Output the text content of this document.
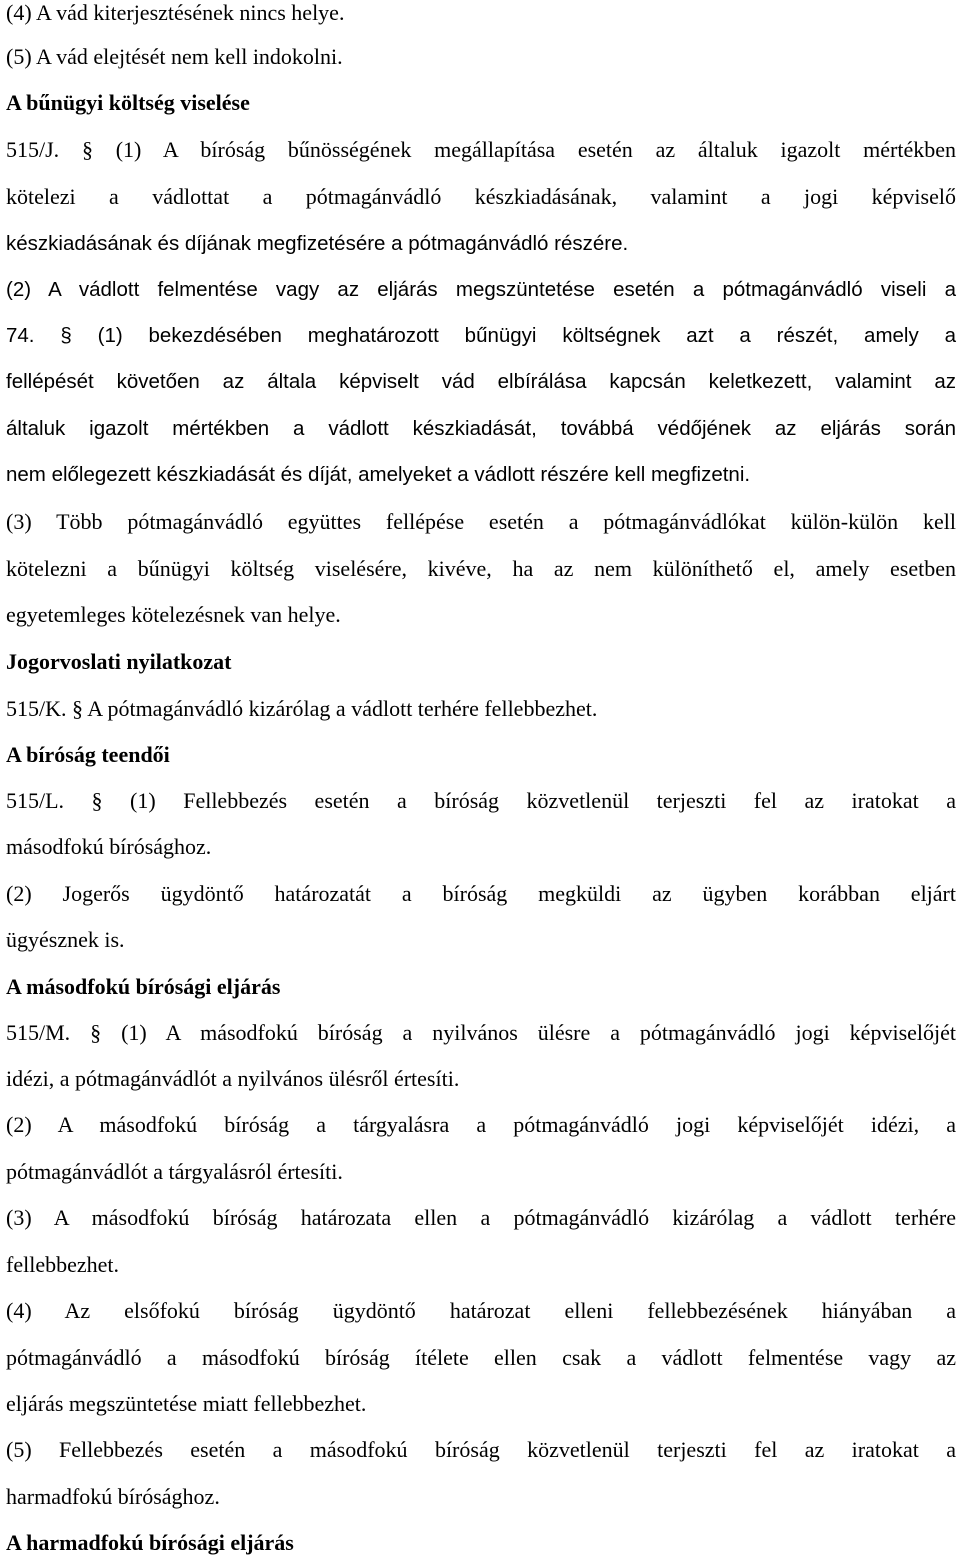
(4) A vád kiterjesztésének nincs helye.
(5) A vád elejtését nem kell indokolni.
A bűnügyi költség viselése
515/J. § (1) A bíróság bűnösségének megállapítása esetén az általuk igazolt mértékben
kötelezi a vádlottat a pótmagánvádló készkiadásának, valamint a jogi képviselő
készkiadásának és díjának megfizetésére a pótmagánvádló részére.
(2) A vádlott felmentése vagy az eljárás megszüntetése esetén a pótmagánvádló viseli a
74. § (1) bekezdésében meghatározott bűnügyi költségnek azt a részét, amely a
fellépését követően az általa képviselt vád elbírálása kapcsán keletkezett, valamint az
általuk igazolt mértékben a vádlott készkiadását, továbbá védőjének az eljárás során
nem előlegezett készkiadását és díját, amelyeket a vádlott részére kell megfizetni.
(3) Több pótmagánvádló együttes fellépése esetén a pótmagánvádlókat külön-külön kell
kötelezni a bűnügyi költség viselésére, kivéve, ha az nem különíthető el, amely esetben
egyetemleges kötelezésnek van helye.
Jogorvoslati nyilatkozat
515/K. § A pótmagánvádló kizárólag a vádlott terhére fellebbezhet.
A bíróság teendői
515/L. § (1) Fellebbezés esetén a bíróság közvetlenül terjeszti fel az iratokat a
másodfokú bírósághoz.
(2) Jogerős ügydöntő határozatát a bíróság megküldi az ügyben korábban eljárt
ügyésznek is.
A másodfokú bírósági eljárás
515/M. § (1) A másodfokú bíróság a nyilvános ülésre a pótmagánvádló jogi képviselőjét
idézi, a pótmagánvádlót a nyilvános ülésről értesíti.
(2) A másodfokú bíróság a tárgyalásra a pótmagánvádló jogi képviselőjét idézi, a
pótmagánvádlót a tárgyalásról értesíti.
(3) A másodfokú bíróság határozata ellen a pótmagánvádló kizárólag a vádlott terhére
fellebbezhet.
(4) Az elsőfokú bíróság ügydöntő határozat elleni fellebbezésének hiányában a
pótmagánvádló a másodfokú bíróság ítélete ellen csak a vádlott felmentése vagy az
eljárás megszüntetése miatt fellebbezhet.
(5) Fellebbezés esetén a másodfokú bíróság közvetlenül terjeszti fel az iratokat a
harmadfokú bírósághoz.
A harmadfokú bírósági eljárás
